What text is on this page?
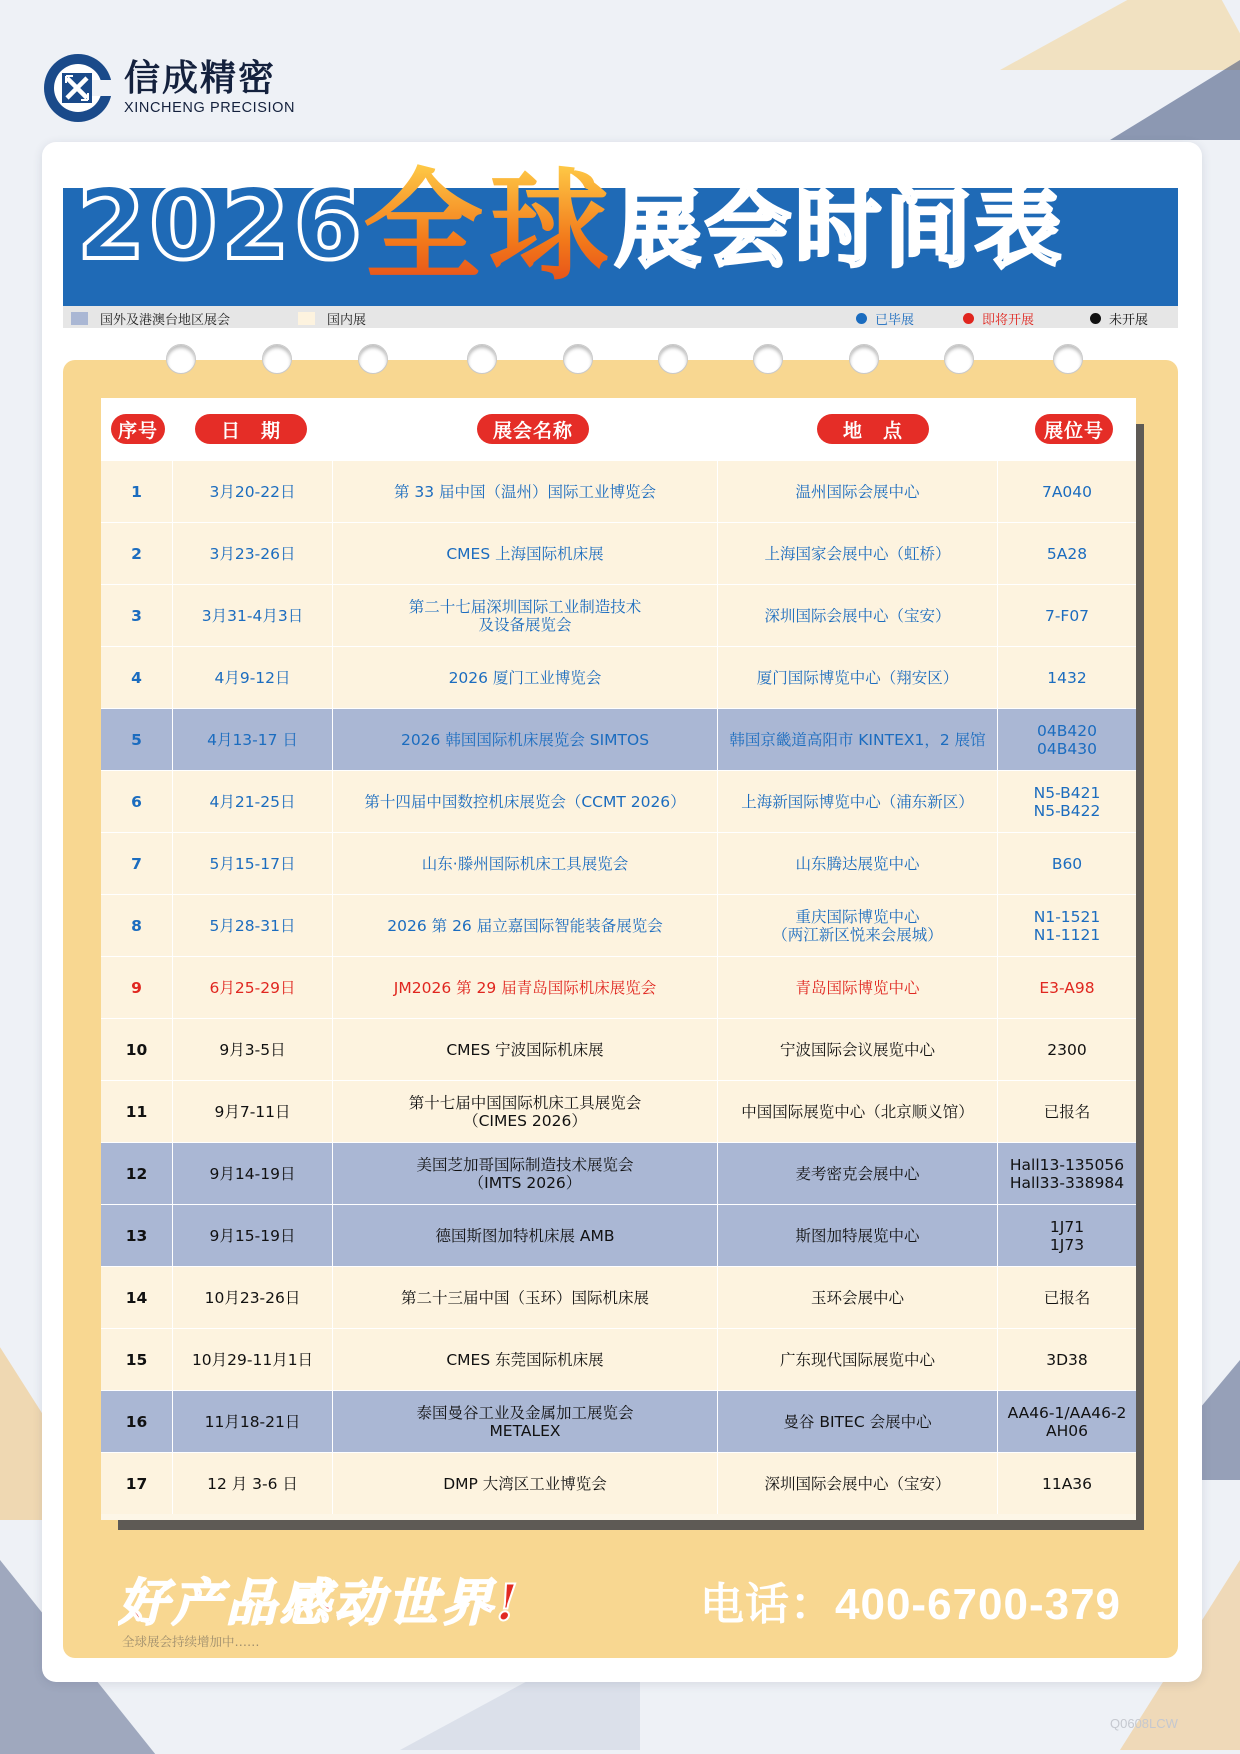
信成精密
XINCHENG PRECISION
2026
全球 展会时间表
国外及港澳台地区展会	国内展	已毕展	即将开展	未开展
序号	日　期	展会名称	地　点	展位号
1	3月20-22日	第 33 届中国（温州）国际工业博览会	温州国际会展中心	7A040
2	3月23-26日	CMES 上海国际机床展	上海国家会展中心（虹桥）	5A28
3	3月31-4月3日	第二十七届深圳国际工业制造技术
及设备展览会	深圳国际会展中心（宝安）	7-F07
4	4月9-12日	2026 厦门工业博览会	厦门国际博览中心（翔安区）	1432
5	4月13-17 日	2026 韩国国际机床展览会 SIMTOS	韩国京畿道高阳市 KINTEX1，2 展馆	04B420
04B430
6	4月21-25日	第十四届中国数控机床展览会（CCMT 2026）	上海新国际博览中心（浦东新区）	N5-B421
N5-B422
7	5月15-17日	山东·滕州国际机床工具展览会	山东腾达展览中心	B60
8	5月28-31日	2026 第 26 届立嘉国际智能装备展览会	重庆国际博览中心
（两江新区悦来会展城）
N1-1521
N1-1121
9	6月25-29日	JM2026 第 29 届青岛国际机床展览会	青岛国际博览中心	E3-A98
10	9月3-5日	CMES 宁波国际机床展	宁波国际会议展览中心	2300
11	9月7-11日	第十七届中国国际机床工具展览会
（CIMES 2026）	中国国际展览中心（北京顺义馆）	已报名
12	9月14-19日	美国芝加哥国际制造技术展览会
（IMTS 2026）	麦考密克会展中心	Hall13-135056
Hall33-338984
13	9月15-19日	德国斯图加特机床展 AMB	斯图加特展览中心	1J71
1J73
14	10月23-26日	第二十三届中国（玉环）国际机床展	玉环会展中心	已报名
15	10月29-11月1日	CMES 东莞国际机床展	广东现代国际展览中心	3D38
16	11月18-21日	泰国曼谷工业及金属加工展览会
METALEX	曼谷 BITEC 会展中心	AA46-1/AA46-2
AH06
17	12 月 3-6 日	DMP 大湾区工业博览会	深圳国际会展中心（宝安）	11A36
好产品感动世界!	电话：400-6700-379
全球展会持续增加中……
Q0608LCW
